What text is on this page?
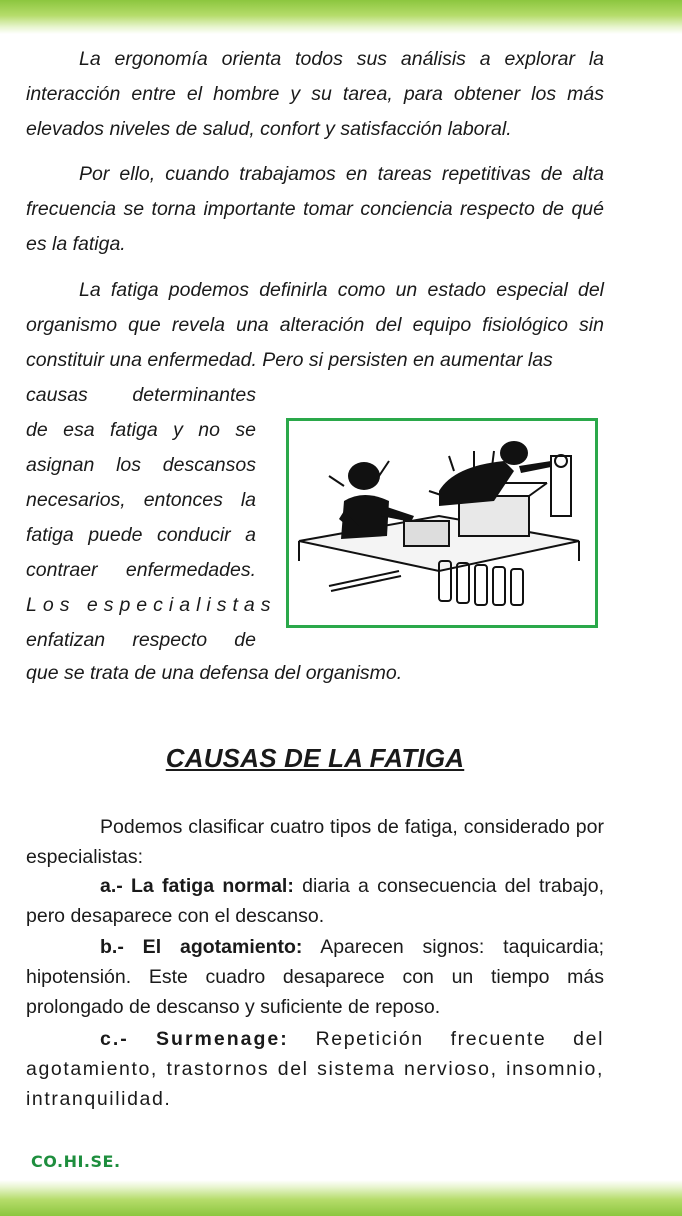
La ergonomía orienta todos sus análisis a explorar la interacción entre el hombre y su tarea, para obtener los más elevados niveles de salud, confort y satisfacción laboral.

Por ello, cuando trabajamos en tareas repetitivas de alta frecuencia se torna importante tomar conciencia respecto de qué es la fatiga.

La fatiga podemos definirla como un estado especial del organismo que revela una alteración del equipo fisiológico sin constituir una enfermedad. Pero si persisten en aumentar las

causas determinantes
de esa fatiga y no se
asignan los descansos
necesarios, entonces la
fatiga puede conducir a
contraer enfermedades.
Los especialistas
enfatizan respecto de

que se trata de una defensa del organismo.

CAUSAS DE LA FATIGA

Podemos clasificar cuatro tipos de fatiga, considerado por especialistas:

a.- La fatiga normal: diaria a consecuencia del trabajo, pero desaparece con el descanso.

b.- El agotamiento: Aparecen signos: taquicardia; hipotensión. Este cuadro desaparece con un tiempo más prolongado de descanso y suficiente de reposo.

c.- Surmenage: Repetición frecuente del agotamiento, trastornos del sistema nervioso, insomnio, intranquilidad.

CO.HI.SE.
